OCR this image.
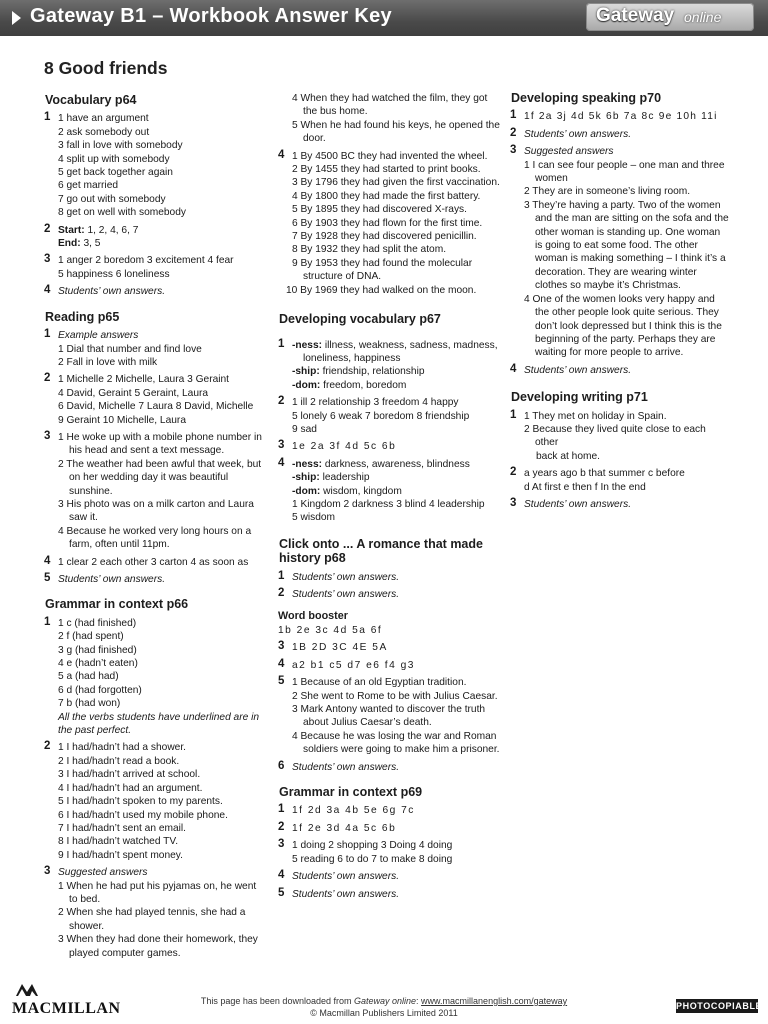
Gateway B1 – Workbook Answer Key	Gateway online
8 Good friends
Vocabulary p64
1 1 have an argument
2 ask somebody out
3 fall in love with somebody
4 split up with somebody
5 get back together again
6 get married
7 go out with somebody
8 get on well with somebody
2 Start: 1, 2, 4, 6, 7
End: 3, 5
3 1 anger 2 boredom 3 excitement 4 fear
5 happiness 6 loneliness
4 Students’ own answers.
Reading p65
1 Example answers
1 Dial that number and find love
2 Fall in love with milk
2 1 Michelle 2 Michelle, Laura 3 Geraint
4 David, Geraint 5 Geraint, Laura
6 David, Michelle 7 Laura 8 David, Michelle
9 Geraint 10 Michelle, Laura
3 1 He woke up with a mobile phone number in his head and sent a text message.
2 The weather had been awful that week, but on her wedding day it was beautiful sunshine.
3 His photo was on a milk carton and Laura saw it.
4 Because he worked very long hours on a farm, often until 11pm.
4 1 clear 2 each other 3 carton 4 as soon as
5 Students’ own answers.
Grammar in context p66
1 1 c (had finished)
2 f (had spent)
3 g (had finished)
4 e (hadn’t eaten)
5 a (had had)
6 d (had forgotten)
7 b (had won)
All the verbs students have underlined are in the past perfect.
2 1 I had/hadn’t had a shower.
2 I had/hadn’t read a book.
3 I had/hadn’t arrived at school.
4 I had/hadn’t had an argument.
5 I had/hadn’t spoken to my parents.
6 I had/hadn’t used my mobile phone.
7 I had/hadn’t sent an email.
8 I had/hadn’t watched TV.
9 I had/hadn’t spent money.
3 Suggested answers
1 When he had put his pyjamas on, he went to bed.
2 When she had played tennis, she had a shower.
3 When they had done their homework, they played computer games.
4 When they had watched the film, they got the bus home.
5 When he had found his keys, he opened the door.
4 1 By 4500 BC they had invented the wheel.
2 By 1455 they had started to print books.
3 By 1796 they had given the first vaccination.
4 By 1800 they had made the first battery.
5 By 1895 they had discovered X-rays.
6 By 1903 they had flown for the first time.
7 By 1928 they had discovered penicillin.
8 By 1932 they had split the atom.
9 By 1953 they had found the molecular structure of DNA.
10 By 1969 they had walked on the moon.
Developing vocabulary p67
1 -ness: illness, weakness, sadness, madness, loneliness, happiness
-ship: friendship, relationship
-dom: freedom, boredom
2 1 ill 2 relationship 3 freedom 4 happy
5 lonely 6 weak 7 boredom 8 friendship
9 sad
3 1e 2a 3f 4d 5c 6b
4 -ness: darkness, awareness, blindness
-ship: leadership
-dom: wisdom, kingdom
1 Kingdom 2 darkness 3 blind 4 leadership
5 wisdom
Click onto ... A romance that made history p68
1 Students’ own answers.
2 Students’ own answers.
Word booster
1b 2e 3c 4d 5a 6f
3 1B 2D 3C 4E 5A
4 a2 b1 c5 d7 e6 f4 g3
5 1 Because of an old Egyptian tradition.
2 She went to Rome to be with Julius Caesar.
3 Mark Antony wanted to discover the truth about Julius Caesar’s death.
4 Because he was losing the war and Roman soldiers were going to make him a prisoner.
6 Students’ own answers.
Grammar in context p69
1 1f 2d 3a 4b 5e 6g 7c
2 1f 2e 3d 4a 5c 6b
3 1 doing 2 shopping 3 Doing 4 doing
5 reading 6 to do 7 to make 8 doing
4 Students’ own answers.
5 Students’ own answers.
Developing speaking p70
1 1f 2a 3j 4d 5k 6b 7a 8c 9e 10h 11i
2 Students’ own answers.
3 Suggested answers
1 I can see four people – one man and three women
2 They are in someone’s living room.
3 They’re having a party. Two of the women and the man are sitting on the sofa and the other woman is standing up. One woman is going to eat some food. The other woman is making something – I think it’s a decoration. They are wearing winter clothes so maybe it’s Christmas.
4 One of the women looks very happy and the other people look quite serious. They don’t look depressed but I think this is the beginning of the party. Perhaps they are waiting for more people to arrive.
4 Students’ own answers.
Developing writing p71
1 1 They met on holiday in Spain.
2 Because they lived quite close to each other
back at home.
2 a years ago b that summer c before
d At first e then f In the end
3 Students’ own answers.
MACMILLAN	This page has been downloaded from Gateway online: www.macmillanenglish.com/gateway
© Macmillan Publishers Limited 2011
PHOTOCOPIABLE
